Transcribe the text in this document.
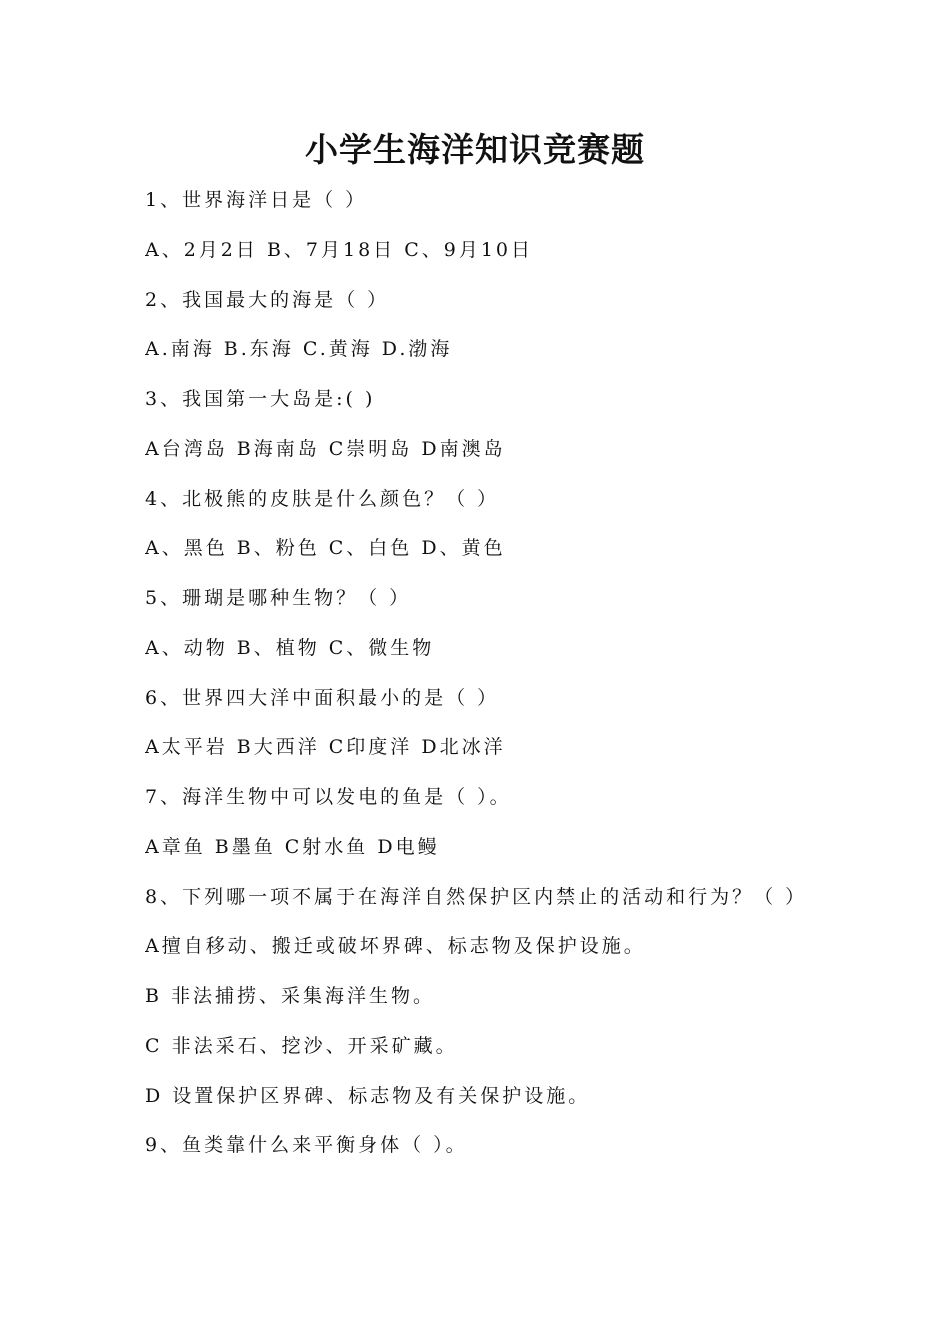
小学生海洋知识竞赛题
1、世界海洋日是（ ）
A、2月2日 B、7月18日 C、9月10日
2、我国最大的海是（ ）
A.南海 B.东海 C.黄海 D.渤海
3、我国第一大岛是:( )
A台湾岛 B海南岛 C崇明岛 D南澳岛
4、北极熊的皮肤是什么颜色？（ ）
A、黑色 B、粉色 C、白色 D、黄色
5、珊瑚是哪种生物？（ ）
A、动物 B、植物 C、微生物
6、世界四大洋中面积最小的是（ ）
A太平岩 B大西洋 C印度洋 D北冰洋
7、海洋生物中可以发电的鱼是（ ）。
A章鱼 B墨鱼 C射水鱼 D电鳗
8、下列哪一项不属于在海洋自然保护区内禁止的活动和行为？（ ）
A擅自移动、搬迁或破坏界碑、标志物及保护设施。
B 非法捕捞、采集海洋生物。
C 非法采石、挖沙、开采矿藏。
D 设置保护区界碑、标志物及有关保护设施。
9、鱼类靠什么来平衡身体（ ）。
